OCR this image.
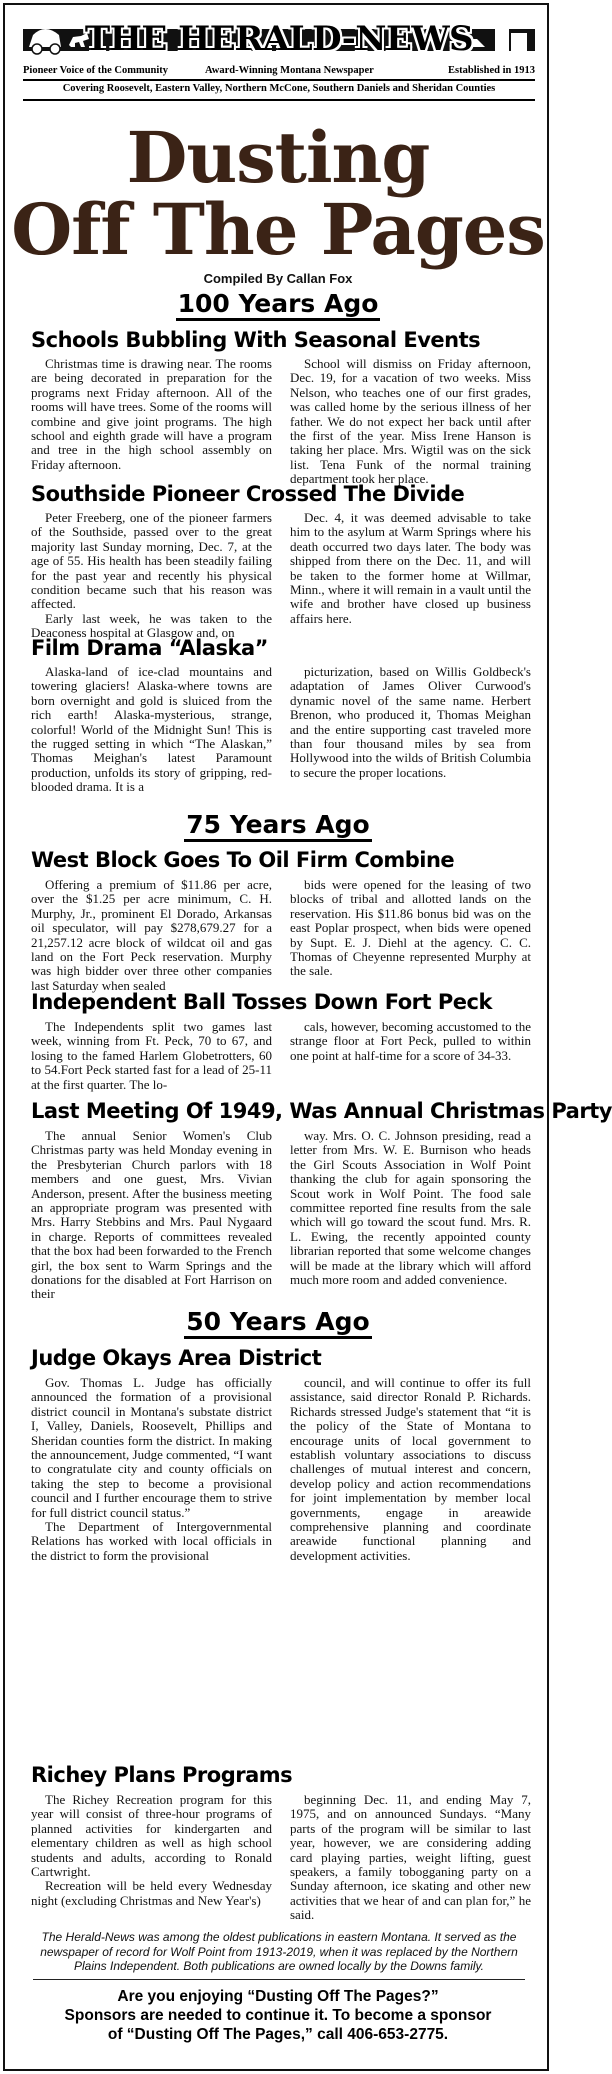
THE HERALD-NEWS
Pioneer Voice of the Community	Award-Winning Montana Newspaper	Established in 1913
Covering Roosevelt, Eastern Valley, Northern McCone, Southern Daniels and Sheridan Counties
Dusting
Off The Pages
Compiled By Callan Fox
100 Years Ago
Schools Bubbling With Seasonal Events

Christmas time is drawing near. The rooms are being decorated in preparation for the programs next Friday afternoon. All of the rooms will have trees. Some of the rooms will combine and give joint programs. The high school and eighth grade will have a program and tree in the high school assembly on Friday afternoon.

School will dismiss on Friday afternoon, Dec. 19, for a vacation of two weeks. Miss Nelson, who teaches one of our first grades, was called home by the serious illness of her father. We do not expect her back until after the first of the year. Miss Irene Hanson is taking her place. Mrs. Wigtil was on the sick list. Tena Funk of the normal training department took her place.

Southside Pioneer Crossed The Divide

Peter Freeberg, one of the pioneer farmers of the Southside, passed over to the great majority last Sunday morning, Dec. 7, at the age of 55. His health has been steadily failing for the past year and recently his physical condition became such that his reason was affected.

Early last week, he was taken to the Deaconess hospital at Glasgow and, on

Dec. 4, it was deemed advisable to take him to the asylum at Warm Springs where his death occurred two days later. The body was shipped from there on the Dec. 11, and will be taken to the former home at Willmar, Minn., where it will remain in a vault until the wife and brother have closed up business affairs here.

Film Drama “Alaska”

Alaska-land of ice-clad mountains and towering glaciers! Alaska-where towns are born overnight and gold is sluiced from the rich earth! Alaska-mysterious, strange, colorful! World of the Midnight Sun! This is the rugged setting in which “The Alaskan,” Thomas Meighan's latest Paramount production, unfolds its story of gripping, red-blooded drama. It is a

picturization, based on Willis Goldbeck's adaptation of James Oliver Curwood's dynamic novel of the same name. Herbert Brenon, who produced it, Thomas Meighan and the entire supporting cast traveled more than four thousand miles by sea from Hollywood into the wilds of British Columbia to secure the proper locations.

75 Years Ago
West Block Goes To Oil Firm Combine

Offering a premium of $11.86 per acre, over the $1.25 per acre minimum, C. H. Murphy, Jr., prominent El Dorado, Arkansas oil speculator, will pay $278,679.27 for a 21,257.12 acre block of wildcat oil and gas land on the Fort Peck reservation. Murphy was high bidder over three other companies last Saturday when sealed

bids were opened for the leasing of two blocks of tribal and allotted lands on the reservation. His $11.86 bonus bid was on the east Poplar prospect, when bids were opened by Supt. E. J. Diehl at the agency. C. C. Thomas of Cheyenne represented Murphy at the sale.

Independent Ball Tosses Down Fort Peck

The Independents split two games last week, winning from Ft. Peck, 70 to 67, and losing to the famed Harlem Globetrotters, 60 to 54.Fort Peck started fast for a lead of 25-11 at the first quarter. The lo-

cals, however, becoming accustomed to the strange floor at Fort Peck, pulled to within one point at half-time for a score of 34-33.

Last Meeting Of 1949, Was Annual Christmas Party

The annual Senior Women's Club Christmas party was held Monday evening in the Presbyterian Church parlors with 18 members and one guest, Mrs. Vivian Anderson, present. After the business meeting an appropriate program was presented with Mrs. Harry Stebbins and Mrs. Paul Nygaard in charge. Reports of committees revealed that the box had been forwarded to the French girl, the box sent to Warm Springs and the donations for the disabled at Fort Harrison on their

way. Mrs. O. C. Johnson presiding, read a letter from Mrs. W. E. Burnison who heads the Girl Scouts Association in Wolf Point thanking the club for again sponsoring the Scout work in Wolf Point. The food sale committee reported fine results from the sale which will go toward the scout fund. Mrs. R. L. Ewing, the recently appointed county librarian reported that some welcome changes will be made at the library which will afford much more room and added convenience.

50 Years Ago
Judge Okays Area District

Gov. Thomas L. Judge has officially announced the formation of a provisional district council in Montana's substate district I, Valley, Daniels, Roosevelt, Phillips and Sheridan counties form the district. In making the announcement, Judge commented, “I want to congratulate city and county officials on taking the step to become a provisional council and I further encourage them to strive for full district council status.”

The Department of Intergovernmental Relations has worked with local officials in the district to form the provisional

council, and will continue to offer its full assistance, said director Ronald P. Richards. Richards stressed Judge's statement that “it is the policy of the State of Montana to encourage units of local government to establish voluntary associations to discuss challenges of mutual interest and concern, develop policy and action recommendations for joint implementation by member local governments, engage in areawide comprehensive planning and coordinate areawide functional planning and development activities.

Richey Plans Programs

The Richey Recreation program for this year will consist of three-hour programs of planned activities for kindergarten and elementary children as well as high school students and adults, according to Ronald Cartwright.

Recreation will be held every Wednesday night (excluding Christmas and New Year's)

beginning Dec. 11, and ending May 7, 1975, and on announced Sundays. “Many parts of the program will be similar to last year, however, we are considering adding card playing parties, weight lifting, guest speakers, a family tobogganing party on a Sunday afternoon, ice skating and other new activities that we hear of and can plan for,” he said.

The Herald-News was among the oldest publications in eastern Montana. It served as the newspaper of record for Wolf Point from 1913-2019, when it was replaced by the Northern Plains Independent. Both publications are owned locally by the Downs family.
Are you enjoying “Dusting Off The Pages?”
Sponsors are needed to continue it. To become a sponsor
of “Dusting Off The Pages,” call 406-653-2775.
